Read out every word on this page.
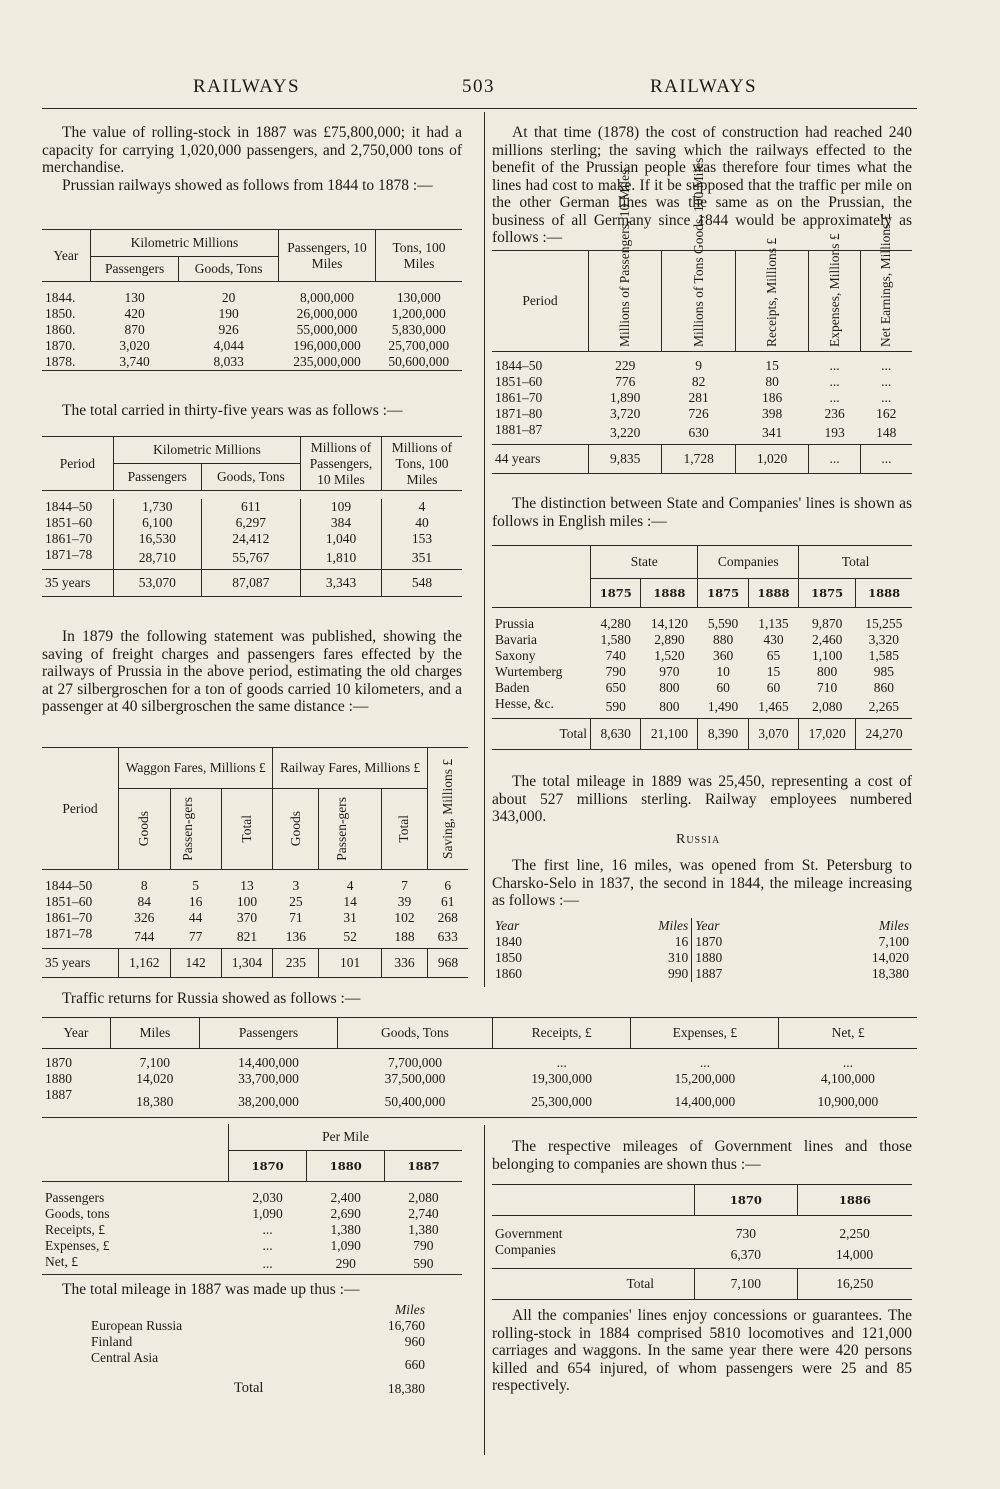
RAILWAYS	503	RAILWAYS

The value of rolling-stock in 1887 was £75,800,000; it had a capacity for carrying 1,020,000 passengers, and 2,750,000 tons of merchandise.

Prussian railways showed as follows from 1844 to 1878 :—

Year	Kilometric Millions		Passengers, 10 Miles	Tons, 100 Miles
	Passengers	Goods, Tons		

1844.	130	20	8,000,000	130,000
1850.	420	190	26,000,000	1,200,000
1860.	870	926	55,000,000	5,830,000
1870.	3,020	4,044	196,000,000	25,700,000
1878.	3,740	8,033	235,000,000	50,600,000

The total carried in thirty-five years was as follows :—

Period	Kilometric Millions		Millions of Passengers, 10 Miles	Millions of Tons, 100 Miles
	Passengers	Goods, Tons		

1844–50	1,730	611	109	4
1851–60	6,100	6,297	384	40
1861–70	16,530	24,412	1,040	153
1871–78	28,710	55,767	1,810	351
35 years	53,070	87,087	3,343	548

In 1879 the following statement was published, showing the saving of freight charges and passengers fares effected by the railways of Prussia in the above period, estimating the old charges at 27 silbergroschen for a ton of goods carried 10 kilometers, and a passenger at 40 silbergroschen the same distance :—

Period	Waggon Fares, Millions £			Railway Fares, Millions £			Saving, Millions £

	Goods	Passen-gers	Total	Goods	Passen-gers	Total	

1844–50	8	5	13	3	4	7	6
1851–60	84	16	100	25	14	39	61
1861–70	326	44	370	71	31	102	268
1871–78	744	77	821	136	52	188	633
35 years	1,162	142	1,304	235	101	336	968

Traffic returns for Russia showed as follows :—

At that time (1878) the cost of construction had reached 240 millions sterling; the saving which the railways effected to the benefit of the Prussian people was therefore four times what the lines had cost to make. If it be supposed that the traffic per mile on the other German lines was the same as on the Prussian, the business of all Germany since 1844 would be approximately as follows :—

Period	Millions of Passengers, 10 Miles	Millions of Tons Goods, 100 Miles	Receipts, Millions £	Expenses, Millions £	Net Earnings, Millions £

1844–50	229	9	15	...	...
1851–60	776	82	80	...	...
1861–70	1,890	281	186	...	...
1871–80	3,720	726	398	236	162
1881–87	3,220	630	341	193	148
44 years	9,835	1,728	1,020	...	...

The distinction between State and Companies' lines is shown as follows in English miles :—

	State		Companies		Total	
	1875	1888	1875	1888	1875	1888

Prussia	4,280	14,120	5,590	1,135	9,870	15,255
Bavaria	1,580	2,890	880	430	2,460	3,320
Saxony	740	1,520	360	65	1,100	1,585
Wurtemberg	790	970	10	15	800	985
Baden	650	800	60	60	710	860
Hesse, &c.	590	800	1,490	1,465	2,080	2,265
Total	8,630	21,100	8,390	3,070	17,020	24,270

The total mileage in 1889 was 25,450, representing a cost of about 527 millions sterling. Railway employees numbered 343,000.

Russia

The first line, 16 miles, was opened from St. Petersburg to Charsko-Selo in 1837, the second in 1844, the mileage increasing as follows :—

Year	Miles	Year	Miles
1840	16	1870	7,100
1850	310	1880	14,020
1860	990	1887	18,380
Year	Miles	Passengers	Goods, Tons	Receipts, £	Expenses, £	Net, £

1870	7,100	14,400,000	7,700,000	...	...	...
1880	14,020	33,700,000	37,500,000	19,300,000	15,200,000	4,100,000
1887	18,380	38,200,000	50,400,000	25,300,000	14,400,000	10,900,000
	Per Mile		
	1870	1880	1887

Passengers	2,030	2,400	2,080
Goods, tons	1,090	2,690	2,740
Receipts, £	...	1,380	1,380
Expenses, £	...	1,090	790
Net, £	...	290	590

The total mileage in 1887 was made up thus :—

	Miles
European Russia	16,760
Finland	960
Central Asia	660
Total	18,380

The respective mileages of Government lines and those belonging to companies are shown thus :—

	1870	1886

Government	730	2,250
Companies	6,370	14,000
Total	7,100	16,250

All the companies' lines enjoy concessions or guarantees. The rolling-stock in 1884 comprised 5810 locomotives and 121,000 carriages and waggons. In the same year there were 420 persons killed and 654 injured, of whom passengers were 25 and 85 respectively.
